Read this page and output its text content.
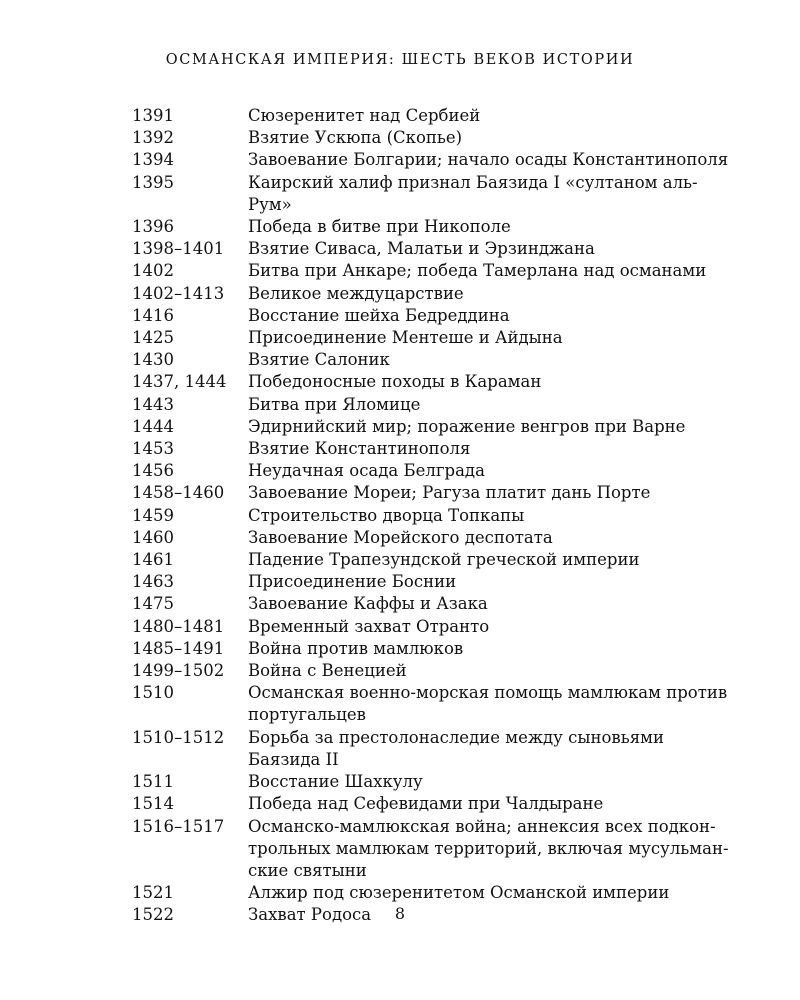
ОСМАНСКАЯ ИМПЕРИЯ: ШЕСТЬ ВЕКОВ ИСТОРИИ
1391	Сюзеренитет над Сербией
1392	Взятие Ускюпа (Скопье)
1394	Завоевание Болгарии; начало осады Константинополя
1395	Каирский халиф признал Баязида I «султаном аль-Рум»
1396	Победа в битве при Никополе
1398–1401	Взятие Сиваса, Малатьи и Эрзинджана
1402	Битва при Анкаре; победа Тамерлана над османами
1402–1413	Великое междуцарствие
1416	Восстание шейха Бедреддина
1425	Присоединение Ментеше и Айдына
1430	Взятие Салоник
1437, 1444	Победоносные походы в Караман
1443	Битва при Яломице
1444	Эдирнийский мир; поражение венгров при Варне
1453	Взятие Константинополя
1456	Неудачная осада Белграда
1458–1460	Завоевание Мореи; Рагуза платит дань Порте
1459	Строительство дворца Топкапы
1460	Завоевание Морейского деспотата
1461	Падение Трапезундской греческой империи
1463	Присоединение Боснии
1475	Завоевание Каффы и Азака
1480–1481	Временный захват Отранто
1485–1491	Война против мамлюков
1499–1502	Война с Венецией
1510	Османская военно-морская помощь мамлюкам против
португальцев
1510–1512	Борьба за престолонаследие между сыновьями Баязида II
1511	Восстание Шахкулу
1514	Победа над Сефевидами при Чалдыране
1516–1517	Османско-мамлюкская война; аннексия всех подкон-
трольных мамлюкам территорий, включая мусульман-
ские святыни
1521	Алжир под сюзеренитетом Османской империи
1522	Захват Родоса	8
